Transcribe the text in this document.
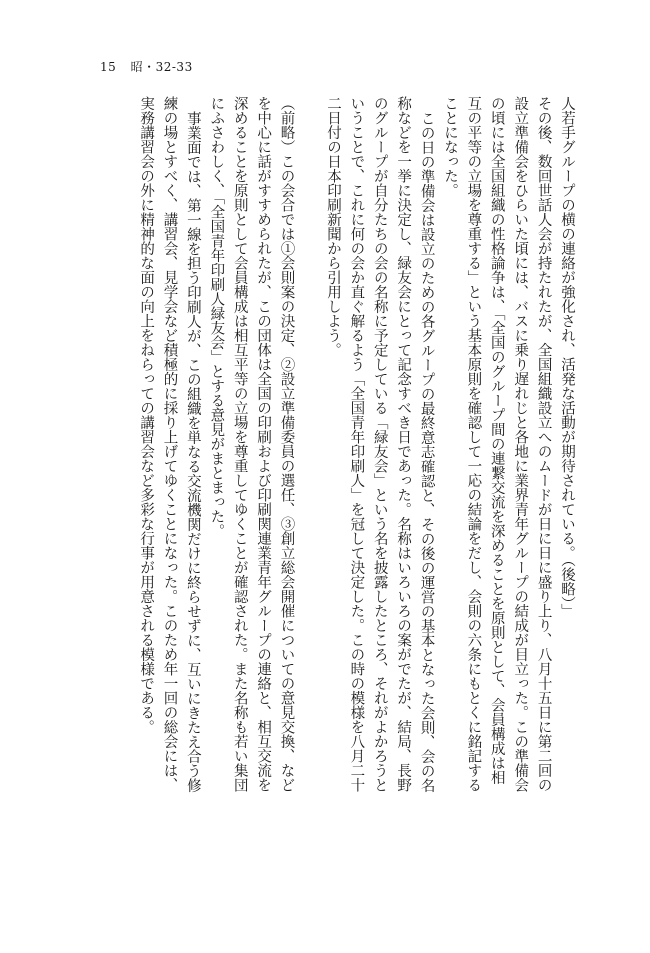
15 昭・32-33

人若手グループの横の連絡が強化され、活発な活動が期待されている。（後略）」

その後、数回世話人会が持たれたが、全国組織設立へのムードが日に日に盛り上り、八月十五日に第二回の設立準備会をひらいた頃には、バスに乗り遅れじと各地に業界青年グループの結成が目立った。この準備会の頃には全国組織の性格論争は、「全国のグループ間の連繋交流を深めることを原則として、会員構成は相互の平等の立場を尊重する」という基本原則を確認して一応の結論をだし、会則の六条にもとくに銘記することになった。

この日の準備会は設立のための各グループの最終意志確認と、その後の運営の基本となった会則、会の名称などを一挙に決定し、緑友会にとって記念すべき日であった。名称はいろいろの案がでたが、結局、長野のグループが自分たちの会の名称に予定している「緑友会」という名を披露したところ、それがよかろうということで、これに何の会か直ぐ解るよう「全国青年印刷人」を冠して決定した。この時の模様を八月二十二日付の日本印刷新聞から引用しよう。

（前略）この会合では①会則案の決定、②設立準備委員の選任、③創立総会開催についての意見交換、などを中心に話がすすめられたが、この団体は全国の印刷および印刷関連業青年グループの連絡と、相互交流を深めることを原則として会員構成は相互平等の立場を尊重してゆくことが確認された。また名称も若い集団にふさわしく、「全国青年印刷人緑友会」とする意見がまとまった。

事業面では、第一線を担う印刷人が、この組織を単なる交流機関だけに終らせずに、互いにきたえ合う修練の場とすべく、講習会、見学会など積極的に採り上げてゆくことになった。このため年一回の総会には、実務講習会の外に精神的な面の向上をねらっての講習会など多彩な行事が用意される模様である。
